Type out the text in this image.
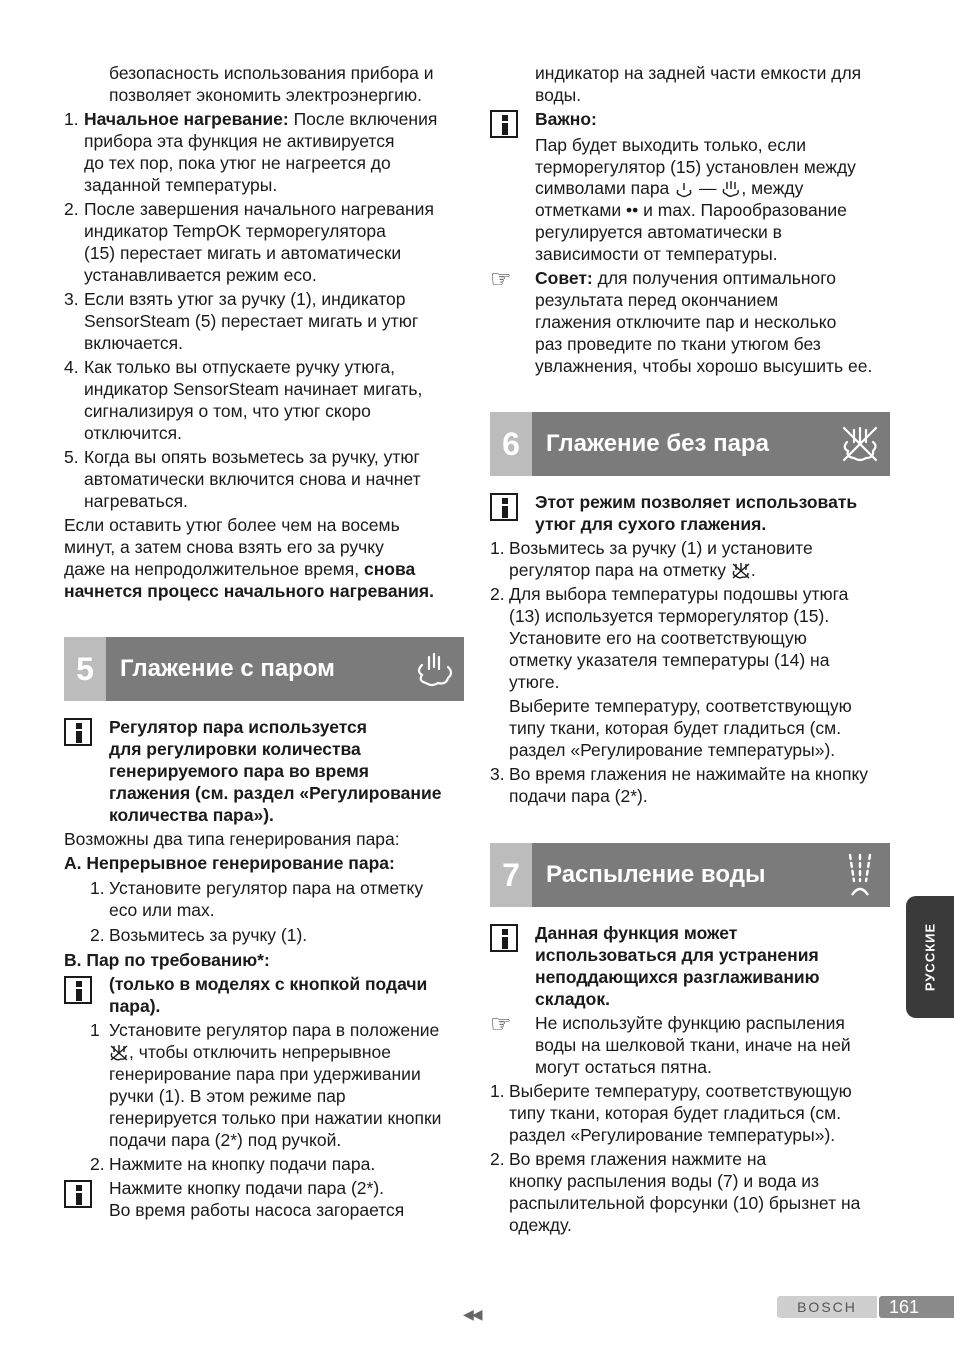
безопасность использования прибора и
позволяет экономить электроэнергию.
1. Начальное нагревание: После включения
прибора эта функция не активируется
до тех пор, пока утюг не нагреется до
заданной температуры.
2. После завершения начального нагревания
индикатор TempOK терморегулятора
(15) перестает мигать и автоматически
устанавливается режим eco.
3. Если взять утюг за ручку (1), индикатор
SensorSteam (5) перестает мигать и утюг
включается.
4. Как только вы отпускаете ручку утюга,
индикатор SensorSteam начинает мигать,
сигнализируя о том, что утюг скоро
отключится.
5. Когда вы опять возьметесь за ручку, утюг
автоматически включится снова и начнет
нагреваться.
Если оставить утюг более чем на восемь
минут, а затем снова взять его за ручку
даже на непродолжительное время, снова
начнется процесс начального нагревания.
5	Глажение с паром
Регулятор пара используется
для регулировки количества
генерируемого пара во время
глажения (см. раздел «Регулирование
количества пара»).
Возможны два типа генерирования пара:
A. Непрерывное генерирование пара:
1. Установите регулятор пара на отметку
eco или max.
2. Возьмитесь за ручку (1).
B. Пар по требованию*:
(только в моделях с кнопкой подачи
пара).
1 Установите регулятор пара в положение
, чтобы отключить непрерывное
генерирование пара при удерживании
ручки (1). В этом режиме пар
генерируется только при нажатии кнопки
подачи пара (2*) под ручкой.
2. Нажмите на кнопку подачи пара.
Нажмите кнопку подачи пара (2*).
Во время работы насоса загорается
индикатор на задней части емкости для
воды.
Важно:
Пар будет выходить только, если
терморегулятор (15) установлен между
символами пара — , между
отметками •• и max. Парообразование
регулируется автоматически в
зависимости от температуры.
☞ Совет: для получения оптимального
результата перед окончанием
глажения отключите пар и несколько
раз проведите по ткани утюгом без
увлажнения, чтобы хорошо высушить ее.
6	Глажение без пара
Этот режим позволяет использовать
утюг для сухого глажения.
1. Возьмитесь за ручку (1) и установите
регулятор пара на отметку .
2. Для выбора температуры подошвы утюга
(13) используется терморегулятор (15).
Установите его на соответствующую
отметку указателя температуры (14) на
утюге.
Выберите температуру, соответствующую
типу ткани, которая будет гладиться (см.
раздел «Регулирование температуры»).
3. Во время глажения не нажимайте на кнопку
подачи пара (2*).
7	Распыление воды
Данная функция может
использоваться для устранения
неподдающихся разглаживанию
складок.
☞ Не используйте функцию распыления
воды на шелковой ткани, иначе на ней
могут остаться пятна.
1. Выберите температуру, соответствующую
типу ткани, которая будет гладиться (см.
раздел «Регулирование температуры»).
2. Во время глажения нажмите на
кнопку распыления воды (7) и вода из
распылительной форсунки (10) брызнет на
одежду.
РУССКИЕ
◀◀	BOSCH	161
